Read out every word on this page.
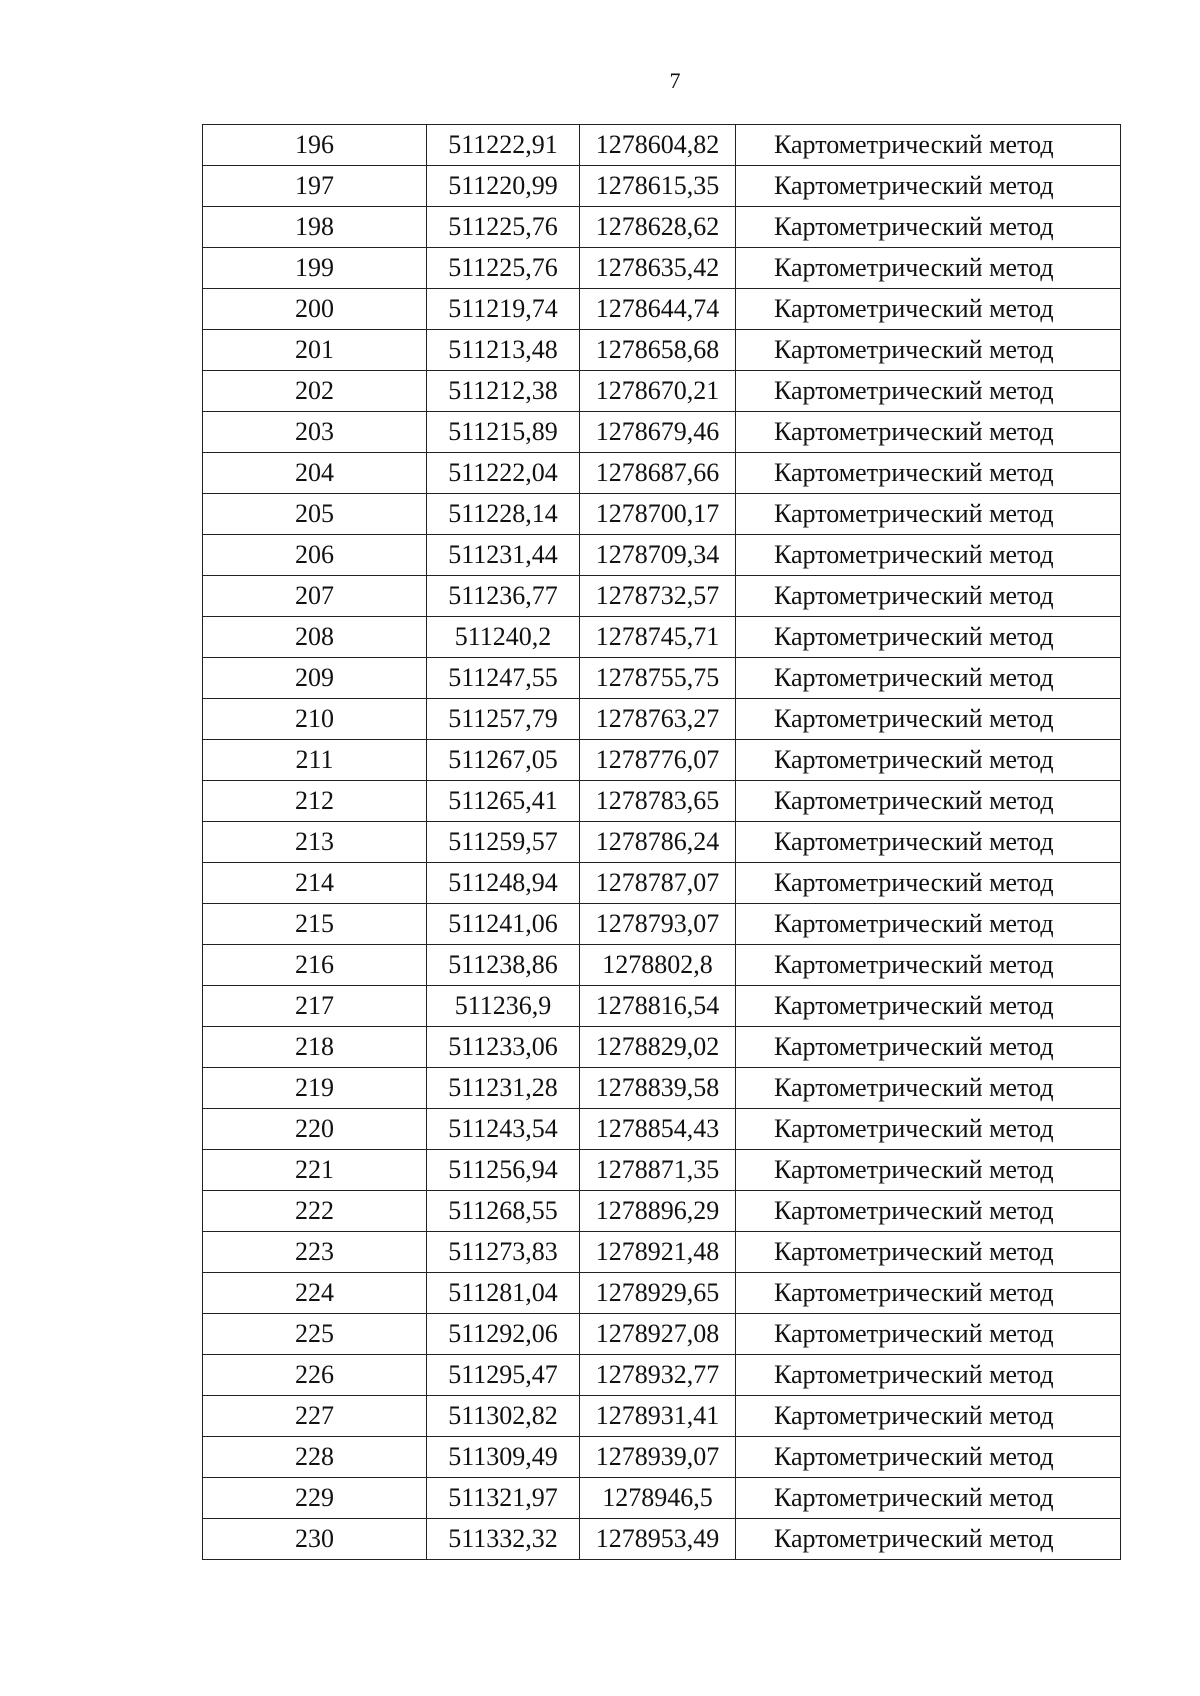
7
196	511222,91	1278604,82	Картометрический метод
197	511220,99	1278615,35	Картометрический метод
198	511225,76	1278628,62	Картометрический метод
199	511225,76	1278635,42	Картометрический метод
200	511219,74	1278644,74	Картометрический метод
201	511213,48	1278658,68	Картометрический метод
202	511212,38	1278670,21	Картометрический метод
203	511215,89	1278679,46	Картометрический метод
204	511222,04	1278687,66	Картометрический метод
205	511228,14	1278700,17	Картометрический метод
206	511231,44	1278709,34	Картометрический метод
207	511236,77	1278732,57	Картометрический метод
208	511240,2	1278745,71	Картометрический метод
209	511247,55	1278755,75	Картометрический метод
210	511257,79	1278763,27	Картометрический метод
211	511267,05	1278776,07	Картометрический метод
212	511265,41	1278783,65	Картометрический метод
213	511259,57	1278786,24	Картометрический метод
214	511248,94	1278787,07	Картометрический метод
215	511241,06	1278793,07	Картометрический метод
216	511238,86	1278802,8	Картометрический метод
217	511236,9	1278816,54	Картометрический метод
218	511233,06	1278829,02	Картометрический метод
219	511231,28	1278839,58	Картометрический метод
220	511243,54	1278854,43	Картометрический метод
221	511256,94	1278871,35	Картометрический метод
222	511268,55	1278896,29	Картометрический метод
223	511273,83	1278921,48	Картометрический метод
224	511281,04	1278929,65	Картометрический метод
225	511292,06	1278927,08	Картометрический метод
226	511295,47	1278932,77	Картометрический метод
227	511302,82	1278931,41	Картометрический метод
228	511309,49	1278939,07	Картометрический метод
229	511321,97	1278946,5	Картометрический метод
230	511332,32	1278953,49	Картометрический метод
